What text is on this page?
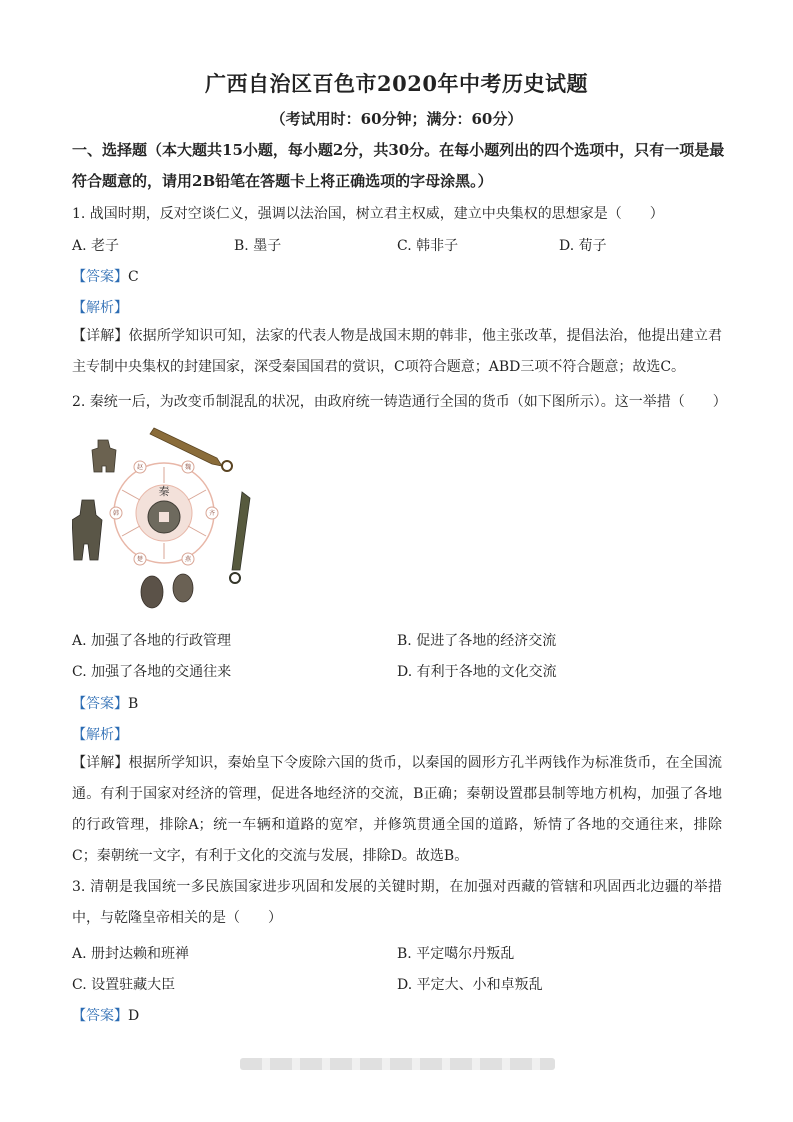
广西自治区百色市2020年中考历史试题
（考试用时：60分钟；满分：60分）
一、选择题（本大题共15小题，每小题2分，共30分。在每小题列出的四个选项中，只有一项是最符合题意的，请用2B铅笔在答题卡上将正确选项的字母涂黑。）
1. 战国时期，反对空谈仁义，强调以法治国，树立君主权威，建立中央集权的思想家是（　　）
A. 老子	B. 墨子	C. 韩非子	D. 荀子
【答案】C
【解析】
【详解】依据所学知识可知，法家的代表人物是战国末期的韩非，他主张改革，提倡法治，他提出建立君主专制中央集权的封建国家，深受秦国国君的赏识，C项符合题意；ABD三项不符合题意；故选C。
2. 秦统一后，为改变币制混乱的状况，由政府统一铸造通行全国的货币（如下图所示）。这一举措（　　）
秦
赵	魏
齐
燕
楚
韩
A. 加强了各地的行政管理	B. 促进了各地的经济交流
C. 加强了各地的交通往来	D. 有利于各地的文化交流
【答案】B
【解析】
【详解】根据所学知识，秦始皇下令废除六国的货币，以秦国的圆形方孔半两钱作为标准货币，在全国流通。有利于国家对经济的管理，促进各地经济的交流，B正确；秦朝设置郡县制等地方机构，加强了各地的行政管理，排除A；统一车辆和道路的宽窄，并修筑贯通全国的道路，矫情了各地的交通往来，排除C；秦朝统一文字，有利于文化的交流与发展，排除D。故选B。
3. 清朝是我国统一多民族国家进步巩固和发展的关键时期，在加强对西藏的管辖和巩固西北边疆的举措中，与乾隆皇帝相关的是（　　）
A. 册封达赖和班禅	B. 平定噶尔丹叛乱
C. 设置驻藏大臣	D. 平定大、小和卓叛乱
【答案】D
